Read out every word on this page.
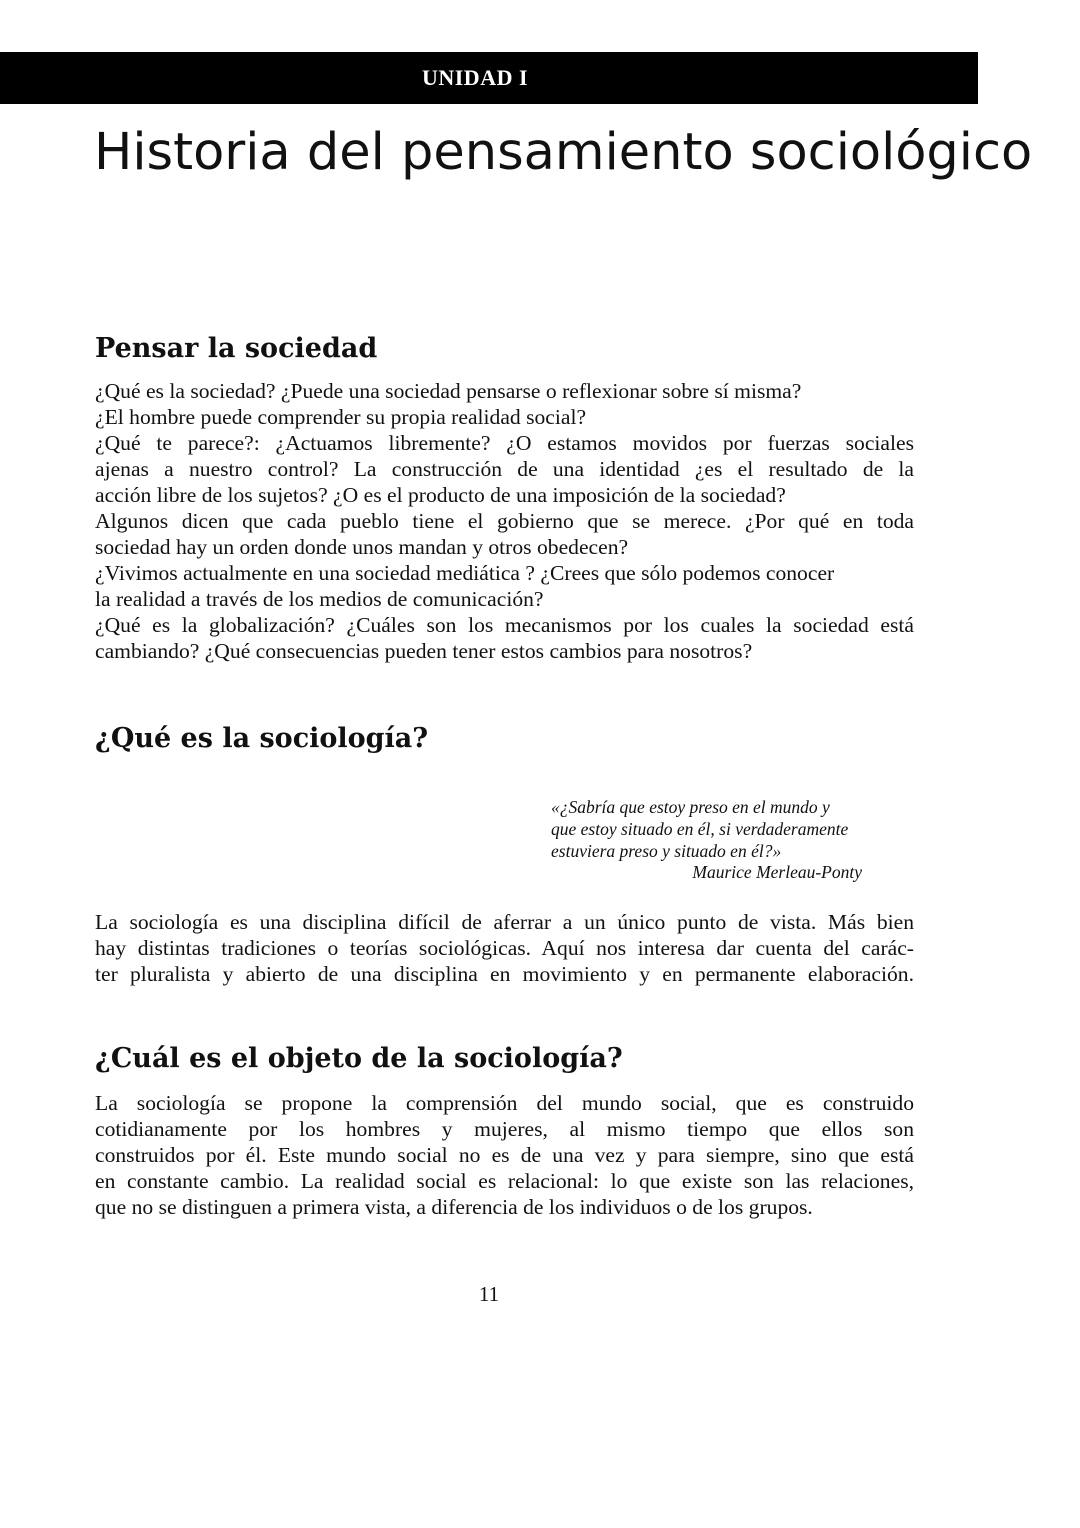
UNIDAD I
Historia del pensamiento sociológico
Pensar la sociedad
¿Qué es la sociedad? ¿Puede una sociedad pensarse o reflexionar sobre sí misma?
¿El hombre puede comprender su propia realidad social?
¿Qué te parece?: ¿Actuamos libremente? ¿O estamos movidos por fuerzas sociales
ajenas a nuestro control? La construcción de una identidad ¿es el resultado de la
acción libre de los sujetos? ¿O es el producto de una imposición de la sociedad?
Algunos dicen que cada pueblo tiene el gobierno que se merece. ¿Por qué en toda
sociedad hay un orden donde unos mandan y otros obedecen?
¿Vivimos actualmente en una sociedad mediática ? ¿Crees que sólo podemos conocer
la realidad a través de los medios de comunicación?
¿Qué es la globalización? ¿Cuáles son los mecanismos por los cuales la sociedad está
cambiando? ¿Qué consecuencias pueden tener estos cambios para nosotros?
¿Qué es la sociología?
«¿Sabría que estoy preso en el mundo y
que estoy situado en él, si verdaderamente
estuviera preso y situado en él?»
Maurice Merleau-Ponty
La sociología es una disciplina difícil de aferrar a un único punto de vista. Más bien
hay distintas tradiciones o teorías sociológicas. Aquí nos interesa dar cuenta del carác-
ter pluralista y abierto de una disciplina en movimiento y en permanente elaboración.
¿Cuál es el objeto de la sociología?
La sociología se propone la comprensión del mundo social, que es construido
cotidianamente por los hombres y mujeres, al mismo tiempo que ellos son
construidos por él. Este mundo social no es de una vez y para siempre, sino que está
en constante cambio. La realidad social es relacional: lo que existe son las relaciones,
que no se distinguen a primera vista, a diferencia de los individuos o de los grupos.
11
